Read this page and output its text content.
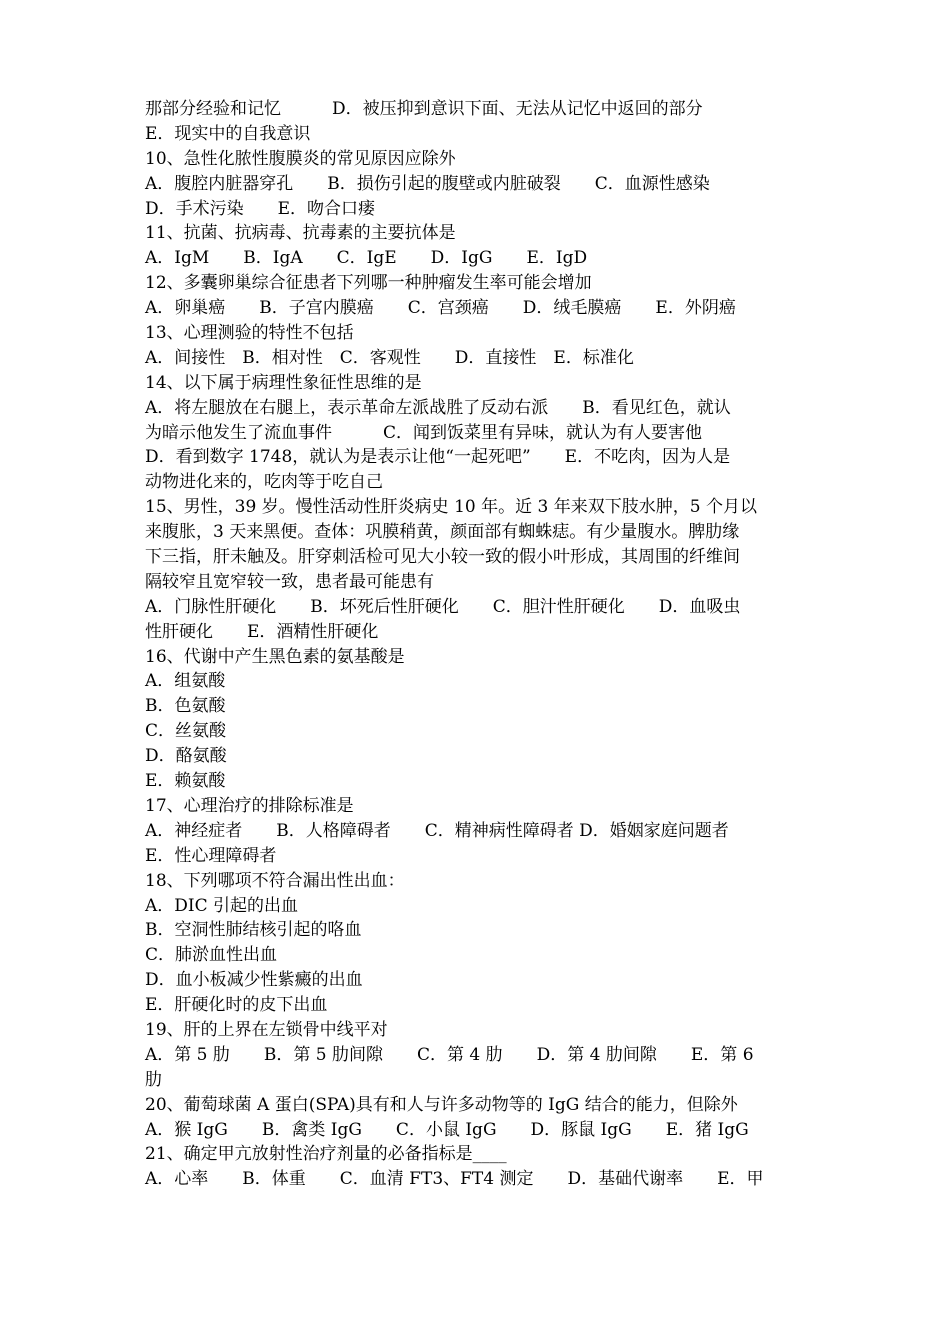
那部分经验和记忆　　　D．被压抑到意识下面、无法从记忆中返回的部分
E．现实中的自我意识
10、急性化脓性腹膜炎的常见原因应除外
A．腹腔内脏器穿孔　　B．损伤引起的腹壁或内脏破裂　　C．血源性感染
D．手术污染　　E．吻合口瘘
11、抗菌、抗病毒、抗毒素的主要抗体是
A．IgM　　B．IgA　　C．IgE　　D．IgG　　E．IgD
12、多囊卵巢综合征患者下列哪一种肿瘤发生率可能会增加
A．卵巢癌　　B．子宫内膜癌　　C．宫颈癌　　D．绒毛膜癌　　E．外阴癌
13、心理测验的特性不包括
A．间接性　B．相对性　C．客观性　　D．直接性　E．标准化
14、以下属于病理性象征性思维的是
A．将左腿放在右腿上，表示革命左派战胜了反动右派　　B．看见红色，就认
为暗示他发生了流血事件　　　C．闻到饭菜里有异味，就认为有人要害他
D．看到数字 1748，就认为是表示让他“一起死吧”　　E．不吃肉，因为人是
动物进化来的，吃肉等于吃自己
15、男性，39 岁。慢性活动性肝炎病史 10 年。近 3 年来双下肢水肿，5 个月以
来腹胀，3 天来黑便。查体：巩膜稍黄，颜面部有蜘蛛痣。有少量腹水。脾肋缘
下三指，肝未触及。肝穿刺活检可见大小较一致的假小叶形成，其周围的纤维间
隔较窄且宽窄较一致，患者最可能患有
A．门脉性肝硬化　　B．坏死后性肝硬化　　C．胆汁性肝硬化　　D．血吸虫
性肝硬化　　E．酒精性肝硬化
16、代谢中产生黑色素的氨基酸是
A．组氨酸
B．色氨酸
C．丝氨酸
D．酪氨酸
E．赖氨酸
17、心理治疗的排除标准是
A．神经症者　　B．人格障碍者　　C．精神病性障碍者 D．婚姻家庭问题者
E．性心理障碍者
18、下列哪项不符合漏出性出血：
A．DIC 引起的出血
B．空洞性肺结核引起的咯血
C．肺淤血性出血
D．血小板减少性紫癜的出血
E．肝硬化时的皮下出血
19、肝的上界在左锁骨中线平对
A．第 5 肋　　B．第 5 肋间隙　　C．第 4 肋　　D．第 4 肋间隙　　E．第 6
肋
20、葡萄球菌 A 蛋白(SPA)具有和人与许多动物等的 IgG 结合的能力，但除外
A．猴 IgG　　B．禽类 IgG　　C．小鼠 IgG　　D．豚鼠 IgG　　E．猪 IgG
21、确定甲亢放射性治疗剂量的必备指标是____
A．心率　　B．体重　　C．血清 FT3、FT4 测定　　D．基础代谢率　　E．甲
